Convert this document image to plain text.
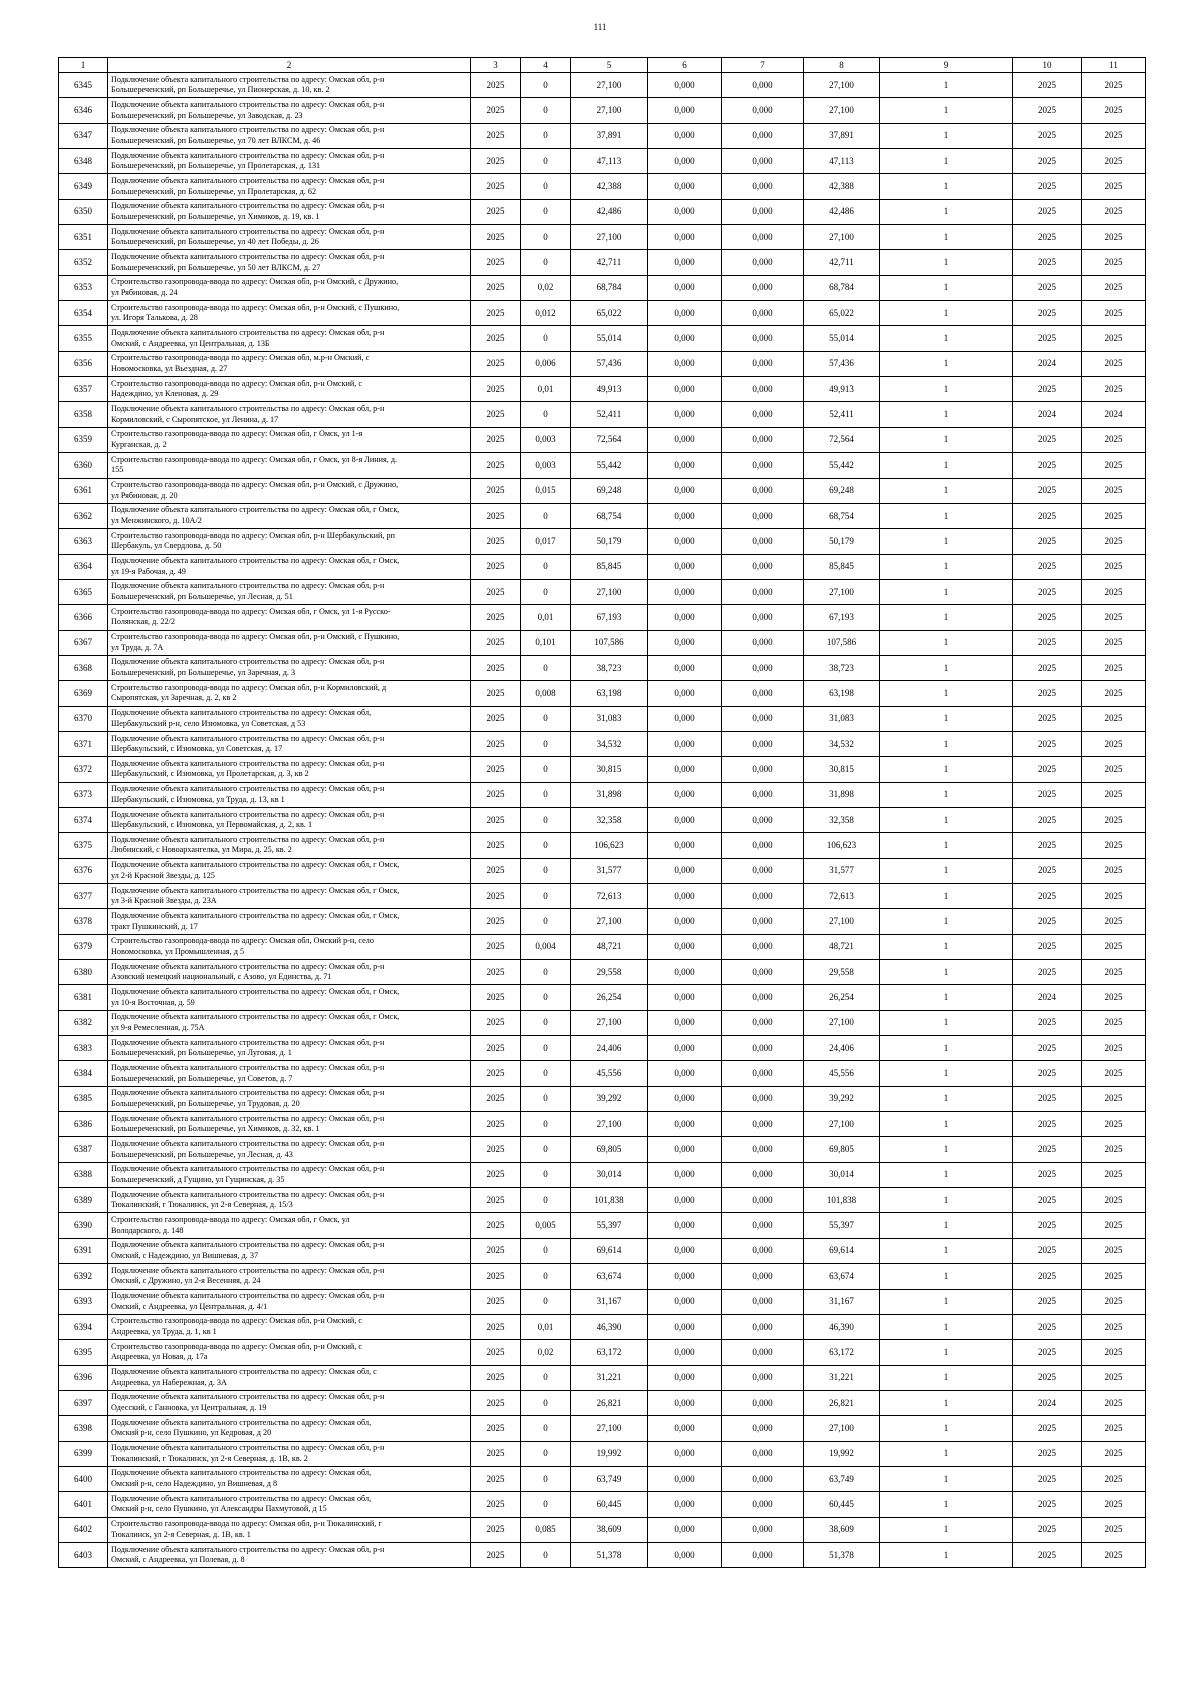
111
1	2	3	4	5	6	7	8	9	10	11
6345	Подключение объекта капитального строительства по адресу: Омская обл, р-н
Большереченский, рп Большеречье, ул Пионерская, д. 10, кв. 2	2025	0	27,100	0,000	0,000	27,100	1	2025	2025
6346	Подключение объекта капитального строительства по адресу: Омская обл, р-н
Большереченский, рп Большеречье, ул Заводская, д. 23	2025	0	27,100	0,000	0,000	27,100	1	2025	2025
6347	Подключение объекта капитального строительства по адресу: Омская обл, р-н
Большереченский, рп Большеречье, ул 70 лет ВЛКСМ, д. 46	2025	0	37,891	0,000	0,000	37,891	1	2025	2025
6348	Подключение объекта капитального строительства по адресу: Омская обл, р-н
Большереченский, рп Большеречье, ул Пролетарская, д. 131	2025	0	47,113	0,000	0,000	47,113	1	2025	2025
6349	Подключение объекта капитального строительства по адресу: Омская обл, р-н
Большереченский, рп Большеречье, ул Пролетарская, д. 62	2025	0	42,388	0,000	0,000	42,388	1	2025	2025
6350	Подключение объекта капитального строительства по адресу: Омская обл, р-н
Большереченский, рп Большеречье, ул Химиков, д. 19, кв. 1	2025	0	42,486	0,000	0,000	42,486	1	2025	2025
6351	Подключение объекта капитального строительства по адресу: Омская обл, р-н
Большереченский, рп Большеречье, ул 40 лет Победы, д. 26	2025	0	27,100	0,000	0,000	27,100	1	2025	2025
6352	Подключение объекта капитального строительства по адресу: Омская обл, р-н
Большереченский, рп Большеречье, ул 50 лет ВЛКСМ, д. 27	2025	0	42,711	0,000	0,000	42,711	1	2025	2025
6353	Строительство газопровода-ввода по адресу: Омская обл, р-н Омский, с Дружино,
ул Рябиновая, д. 24	2025	0,02	68,784	0,000	0,000	68,784	1	2025	2025
6354	Строительство газопровода-ввода по адресу: Омская обл, р-н Омский, с Пушкино,
ул. Игоря Талькова, д. 28	2025	0,012	65,022	0,000	0,000	65,022	1	2025	2025
6355	Подключение объекта капитального строительства по адресу: Омская обл, р-н
Омский, с Андреевка, ул Центральная, д. 13Б	2025	0	55,014	0,000	0,000	55,014	1	2025	2025
6356	Строительство газопровода-ввода по адресу: Омская обл, м.р-н Омский, с
Новомосковка, ул Вьездная, д. 27	2025	0,006	57,436	0,000	0,000	57,436	1	2024	2025
6357	Строительство газопровода-ввода по адресу: Омская обл, р-н Омский, с
Надеждино, ул Кленовая, д. 29	2025	0,01	49,913	0,000	0,000	49,913	1	2025	2025
6358	Подключение объекта капитального строительства по адресу: Омская обл, р-н
Кормиловский, с Сыропятское, ул Ленина, д. 17	2025	0	52,411	0,000	0,000	52,411	1	2024	2024
6359	Строительство газопровода-ввода по адресу: Омская обл, г Омск, ул 1-я
Курганская, д. 2	2025	0,003	72,564	0,000	0,000	72,564	1	2025	2025
6360	Строительство газопровода-ввода по адресу: Омская обл, г Омск, ул 8-я Линия, д.
155	2025	0,003	55,442	0,000	0,000	55,442	1	2025	2025
6361	Строительство газопровода-ввода по адресу: Омская обл, р-н Омский, с Дружино,
ул Рябиновая, д. 20	2025	0,015	69,248	0,000	0,000	69,248	1	2025	2025
6362	Подключение объекта капитального строительства по адресу: Омская обл, г Омск,
ул Менжинского, д. 10А/2	2025	0	68,754	0,000	0,000	68,754	1	2025	2025
6363	Строительство газопровода-ввода по адресу: Омская обл, р-н Шербакульский, рп
Шербакуль, ул Свердлова, д. 50	2025	0,017	50,179	0,000	0,000	50,179	1	2025	2025
6364	Подключение объекта капитального строительства по адресу: Омская обл, г Омск,
ул 19-я Рабочая, д. 49	2025	0	85,845	0,000	0,000	85,845	1	2025	2025
6365	Подключение объекта капитального строительства по адресу: Омская обл, р-н
Большереченский, рп Большеречье, ул Лесная, д. 51	2025	0	27,100	0,000	0,000	27,100	1	2025	2025
6366	Строительство газопровода-ввода по адресу: Омская обл, г Омск, ул 1-я Русско-
Полянская, д. 22/2	2025	0,01	67,193	0,000	0,000	67,193	1	2025	2025
6367	Строительство газопровода-ввода по адресу: Омская обл, р-н Омский, с Пушкино,
ул Труда, д. 7А	2025	0,101	107,586	0,000	0,000	107,586	1	2025	2025
6368	Подключение объекта капитального строительства по адресу: Омская обл, р-н
Большереченский, рп Большеречье, ул Заречная, д. 3	2025	0	38,723	0,000	0,000	38,723	1	2025	2025
6369	Строительство газопровода-ввода по адресу: Омская обл, р-н Кормиловский, д
Сыропятская, ул Заречная, д. 2, кв 2	2025	0,008	63,198	0,000	0,000	63,198	1	2025	2025
6370	Подключение объекта капитального строительства по адресу: Омская обл,
Шербакульский р-н, село Изюмовка, ул Советская, д 53	2025	0	31,083	0,000	0,000	31,083	1	2025	2025
6371	Подключение объекта капитального строительства по адресу: Омская обл, р-н
Шербакульский, с Изюмовка, ул Советская, д. 17	2025	0	34,532	0,000	0,000	34,532	1	2025	2025
6372	Подключение объекта капитального строительства по адресу: Омская обл, р-н
Шербакульский, с Изюмовка, ул Пролетарская, д. 3, кв 2	2025	0	30,815	0,000	0,000	30,815	1	2025	2025
6373	Подключение объекта капитального строительства по адресу: Омская обл, р-н
Шербакульский, с Изюмовка, ул Труда, д. 13, кв 1	2025	0	31,898	0,000	0,000	31,898	1	2025	2025
6374	Подключение объекта капитального строительства по адресу: Омская обл, р-н
Шербакульский, с Изюмовка, ул Первомайская, д. 2, кв. 1	2025	0	32,358	0,000	0,000	32,358	1	2025	2025
6375	Подключение объекта капитального строительства по адресу: Омская обл, р-н
Любинский, с Новоархангелка, ул Мира, д. 25, кв. 2	2025	0	106,623	0,000	0,000	106,623	1	2025	2025
6376	Подключение объекта капитального строительства по адресу: Омская обл, г Омск,
ул 2-й Красной Звезды, д. 125	2025	0	31,577	0,000	0,000	31,577	1	2025	2025
6377	Подключение объекта капитального строительства по адресу: Омская обл, г Омск,
ул 3-й Красной Звезды, д. 23А	2025	0	72,613	0,000	0,000	72,613	1	2025	2025
6378	Подключение объекта капитального строительства по адресу: Омская обл, г Омск,
тракт Пушкинский, д. 17	2025	0	27,100	0,000	0,000	27,100	1	2025	2025
6379	Строительство газопровода-ввода по адресу: Омская обл, Омский р-н, село
Новомосковка, ул Промышленная, д 5	2025	0,004	48,721	0,000	0,000	48,721	1	2025	2025
6380	Подключение объекта капитального строительства по адресу: Омская обл, р-н
Азовский немецкий национальный, с Азово, ул Единства, д. 71	2025	0	29,558	0,000	0,000	29,558	1	2025	2025
6381	Подключение объекта капитального строительства по адресу: Омская обл, г Омск,
ул 10-я Восточная, д. 59	2025	0	26,254	0,000	0,000	26,254	1	2024	2025
6382	Подключение объекта капитального строительства по адресу: Омская обл, г Омск,
ул 9-я Ремесленная, д. 75А	2025	0	27,100	0,000	0,000	27,100	1	2025	2025
6383	Подключение объекта капитального строительства по адресу: Омская обл, р-н
Большереченский, рп Большеречье, ул Луговая, д. 1	2025	0	24,406	0,000	0,000	24,406	1	2025	2025
6384	Подключение объекта капитального строительства по адресу: Омская обл, р-н
Большереченский, рп Большеречье, ул Советов, д. 7	2025	0	45,556	0,000	0,000	45,556	1	2025	2025
6385	Подключение объекта капитального строительства по адресу: Омская обл, р-н
Большереченский, рп Большеречье, ул Трудовая, д. 20	2025	0	39,292	0,000	0,000	39,292	1	2025	2025
6386	Подключение объекта капитального строительства по адресу: Омская обл, р-н
Большереченский, рп Большеречье, ул Химиков, д. 32, кв. 1	2025	0	27,100	0,000	0,000	27,100	1	2025	2025
6387	Подключение объекта капитального строительства по адресу: Омская обл, р-н
Большереченский, рп Большеречье, ул Лесная, д. 43	2025	0	69,805	0,000	0,000	69,805	1	2025	2025
6388	Подключение объекта капитального строительства по адресу: Омская обл, р-н
Большереченский, д Гущино, ул Гущинская, д. 35	2025	0	30,014	0,000	0,000	30,014	1	2025	2025
6389	Подключение объекта капитального строительства по адресу: Омская обл, р-н
Тюкалинский, г Тюкалинск, ул 2-я Северная, д. 15/3	2025	0	101,838	0,000	0,000	101,838	1	2025	2025
6390	Строительство газопровода-ввода по адресу: Омская обл, г Омск, ул
Володарского, д. 148	2025	0,005	55,397	0,000	0,000	55,397	1	2025	2025
6391	Подключение объекта капитального строительства по адресу: Омская обл, р-н
Омский, с Надеждино, ул Вишневая, д. 37	2025	0	69,614	0,000	0,000	69,614	1	2025	2025
6392	Подключение объекта капитального строительства по адресу: Омская обл, р-н
Омский, с Дружино, ул 2-я Весенняя, д. 24	2025	0	63,674	0,000	0,000	63,674	1	2025	2025
6393	Подключение объекта капитального строительства по адресу: Омская обл, р-н
Омский, с Андреевка, ул Центральная, д. 4/1	2025	0	31,167	0,000	0,000	31,167	1	2025	2025
6394	Строительство газопровода-ввода по адресу: Омская обл, р-н Омский, с
Андреевка, ул Труда, д. 1, кв 1	2025	0,01	46,390	0,000	0,000	46,390	1	2025	2025
6395	Строительство газопровода-ввода по адресу: Омская обл, р-н Омский, с
Андреевка, ул Новая, д. 17а	2025	0,02	63,172	0,000	0,000	63,172	1	2025	2025
6396	Подключение объекта капитального строительства по адресу: Омская обл, с
Андреевка, ул Набережная, д. 3А	2025	0	31,221	0,000	0,000	31,221	1	2025	2025
6397	Подключение объекта капитального строительства по адресу: Омская обл, р-н
Одесский, с Ганновка, ул Центральная, д. 19	2025	0	26,821	0,000	0,000	26,821	1	2024	2025
6398	Подключение объекта капитального строительства по адресу: Омская обл,
Омский р-н, село Пушкино, ул Кедровая, д 20	2025	0	27,100	0,000	0,000	27,100	1	2025	2025
6399	Подключение объекта капитального строительства по адресу: Омская обл, р-н
Тюкалинский, г Тюкалинск, ул 2-я Северная, д. 1В, кв. 2	2025	0	19,992	0,000	0,000	19,992	1	2025	2025
6400	Подключение объекта капитального строительства по адресу: Омская обл,
Омский р-н, село Надеждино, ул Вишневая, д 8	2025	0	63,749	0,000	0,000	63,749	1	2025	2025
6401	Подключение объекта капитального строительства по адресу: Омская обл,
Омский р-н, село Пушкино, ул Александры Пахмутовой, д 15	2025	0	60,445	0,000	0,000	60,445	1	2025	2025
6402	Строительство газопровода-ввода по адресу: Омская обл, р-н Тюкалинский, г
Тюкалинск, ул 2-я Северная, д. 1В, кв. 1	2025	0,085	38,609	0,000	0,000	38,609	1	2025	2025
6403	Подключение объекта капитального строительства по адресу: Омская обл, р-н
Омский, с Андреевка, ул Полевая, д. 8	2025	0	51,378	0,000	0,000	51,378	1	2025	2025
